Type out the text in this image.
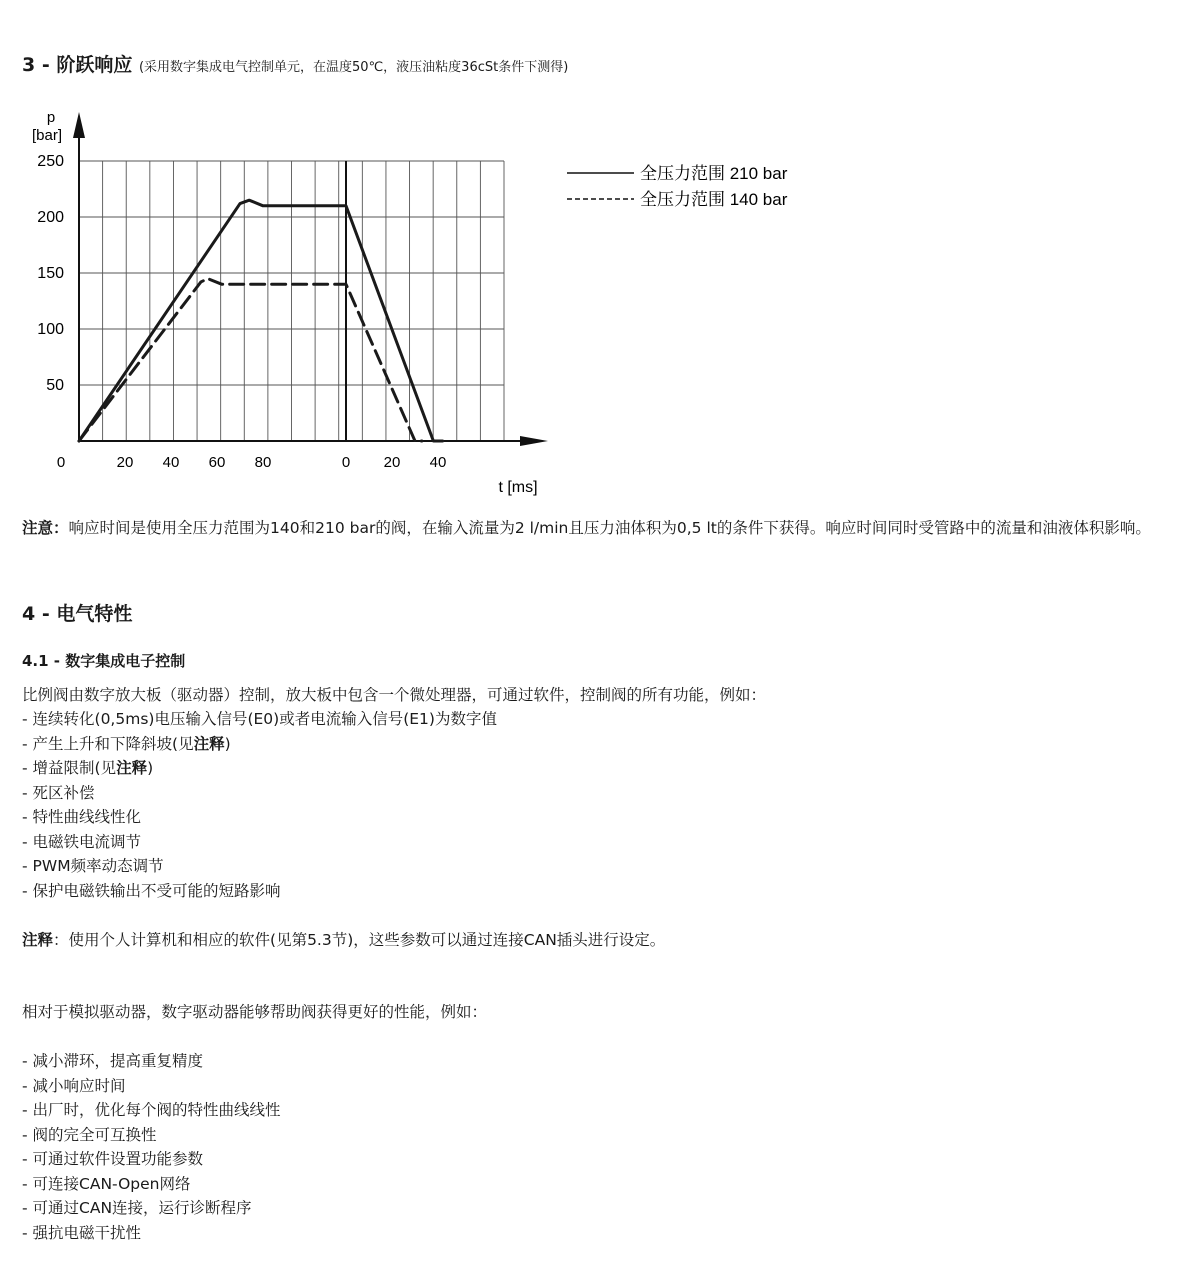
3 - 阶跃响应 (采用数字集成电气控制单元，在温度50℃，液压油粘度36cSt条件下测得)
p
[bar]
t [ms]
250
200
150
100
50
0	20 40 60 80	0 20 40
全压力范围 210 bar
全压力范围 140 bar
注意：响应时间是使用全压力范围为140和210 bar的阀，在输入流量为2 l/min且压力油体积为0,5 lt的条件下获得。响应时间同时受管路中的流量和油液体积影响。
4 - 电气特性
4.1 - 数字集成电子控制
比例阀由数字放大板（驱动器）控制，放大板中包含一个微处理器，可通过软件，控制阀的所有功能，例如：
- 连续转化(0,5ms)电压输入信号(E0)或者电流输入信号(E1)为数字值
- 产生上升和下降斜坡(见注释)
- 增益限制(见注释)
- 死区补偿
- 特性曲线线性化
- 电磁铁电流调节
- PWM频率动态调节
- 保护电磁铁输出不受可能的短路影响
注释：使用个人计算机和相应的软件(见第5.3节)，这些参数可以通过连接CAN插头进行设定。
相对于模拟驱动器，数字驱动器能够帮助阀获得更好的性能，例如：
- 减小滞环，提高重复精度
- 减小响应时间
- 出厂时，优化每个阀的特性曲线线性
- 阀的完全可互换性
- 可通过软件设置功能参数
- 可连接CAN-Open网络
- 可通过CAN连接，运行诊断程序
- 强抗电磁干扰性
